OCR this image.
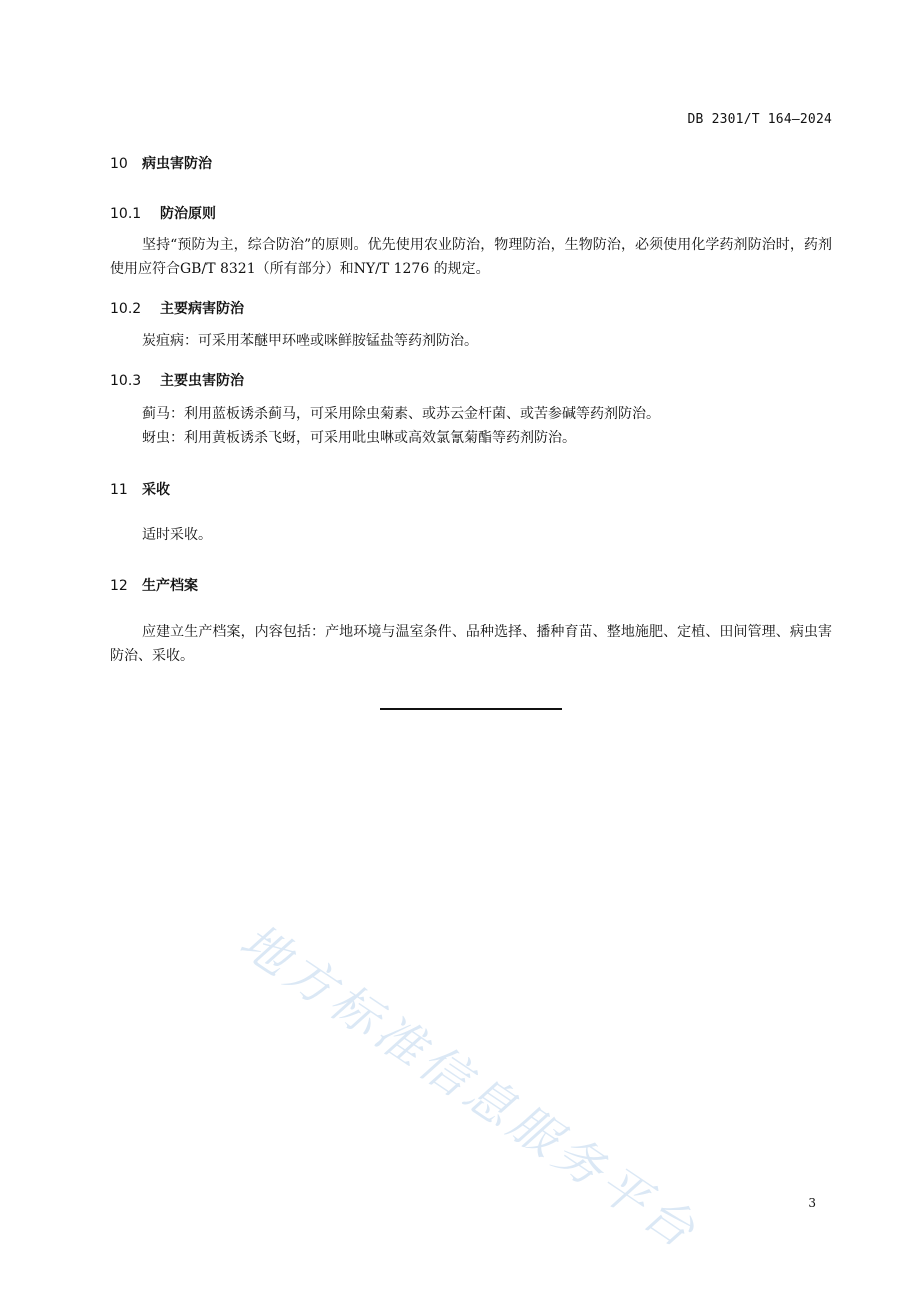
DB 2301/T 164—2024
10 病虫害防治
10.1 防治原则
坚持“预防为主，综合防治”的原则。优先使用农业防治，物理防治，生物防治，必须使用化学药剂防治时，药剂使用应符合GB/T 8321（所有部分）和NY/T 1276 的规定。
10.2 主要病害防治
炭疽病：可采用苯醚甲环唑或咪鲜胺锰盐等药剂防治。
10.3 主要虫害防治
蓟马：利用蓝板诱杀蓟马，可采用除虫菊素、或苏云金杆菌、或苦参碱等药剂防治。
蚜虫：利用黄板诱杀飞蚜，可采用吡虫啉或高效氯氰菊酯等药剂防治。
11 采收
适时采收。
12 生产档案
应建立生产档案，内容包括：产地环境与温室条件、品种选择、播种育苗、整地施肥、定植、田间管理、病虫害防治、采收。
地方标准信息服务平台	3
